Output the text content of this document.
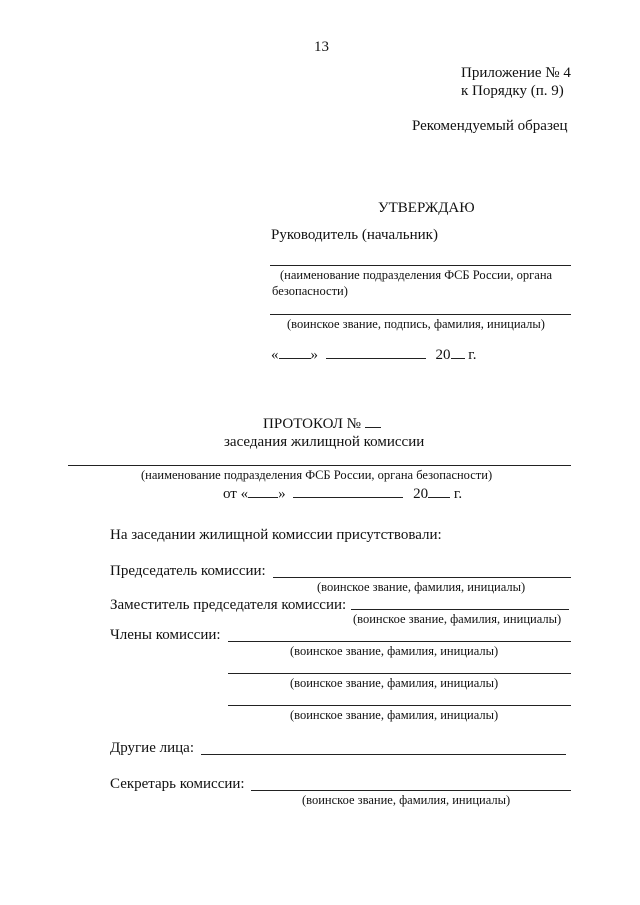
13
Приложение № 4
к Порядку (п. 9)
Рекомендуемый образец
УТВЕРЖДАЮ
Руководитель (начальник)
(наименование подразделения ФСБ России, органа
безопасности)
(воинское звание, подпись, фамилия, инициалы)
« »	20 г.
ПРОТОКОЛ №
заседания жилищной комиссии
(наименование подразделения ФСБ России, органа безопасности)
от « »	20 г.
На заседании жилищной комиссии присутствовали:
Председатель комиссии:
(воинское звание, фамилия, инициалы)
Заместитель председателя комиссии:
(воинское звание, фамилия, инициалы)
Члены комиссии:
(воинское звание, фамилия, инициалы)
(воинское звание, фамилия, инициалы)
(воинское звание, фамилия, инициалы)
Другие лица:
Секретарь комиссии:
(воинское звание, фамилия, инициалы)
